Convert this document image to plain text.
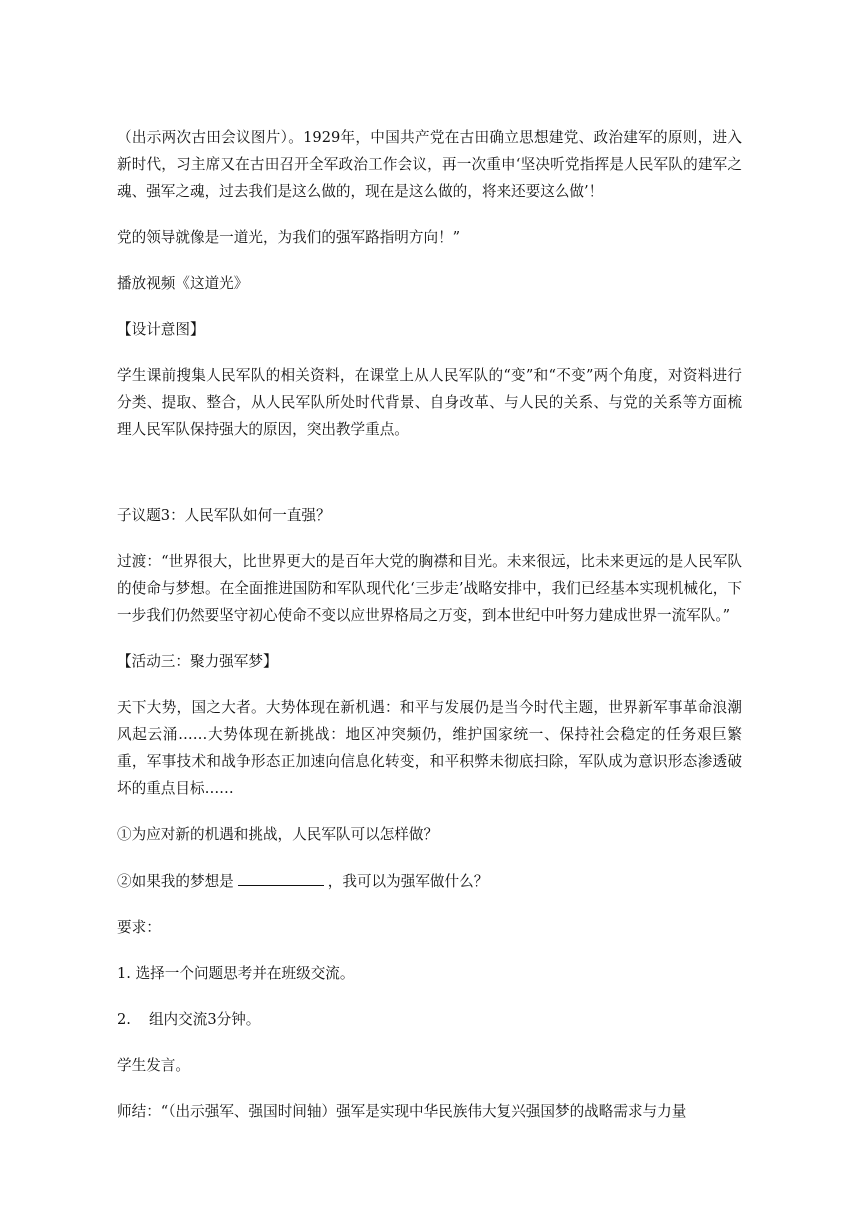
（出示两次古田会议图片）。1929年，中国共产党在古田确立思想建党、政治建军的原则，进入新时代，习主席又在古田召开全军政治工作会议，再一次重申‘坚决听党指挥是人民军队的建军之魂、强军之魂，过去我们是这么做的，现在是这么做的，将来还要这么做’！

党的领导就像是一道光，为我们的强军路指明方向！”

播放视频《这道光》

【设计意图】

学生课前搜集人民军队的相关资料，在课堂上从人民军队的“变”和“不变”两个角度，对资料进行分类、提取、整合，从人民军队所处时代背景、自身改革、与人民的关系、与党的关系等方面梳理人民军队保持强大的原因，突出教学重点。

子议题3：人民军队如何一直强？

过渡：“世界很大，比世界更大的是百年大党的胸襟和目光。未来很远，比未来更远的是人民军队的使命与梦想。在全面推进国防和军队现代化‘三步走’战略安排中，我们已经基本实现机械化，下一步我们仍然要坚守初心使命不变以应世界格局之万变，到本世纪中叶努力建成世界一流军队。”

【活动三：聚力强军梦】

天下大势，国之大者。大势体现在新机遇：和平与发展仍是当今时代主题，世界新军事革命浪潮风起云涌……大势体现在新挑战：地区冲突频仍，维护国家统一、保持社会稳定的任务艰巨繁重，军事技术和战争形态正加速向信息化转变，和平积弊未彻底扫除，军队成为意识形态渗透破坏的重点目标……

①为应对新的机遇和挑战，人民军队可以怎样做？

②如果我的梦想是	，我可以为强军做什么？

要求：

1. 选择一个问题思考并在班级交流。

2. 组内交流3分钟。

学生发言。

师结：“（出示强军、强国时间轴）强军是实现中华民族伟大复兴强国梦的战略需求与力量
